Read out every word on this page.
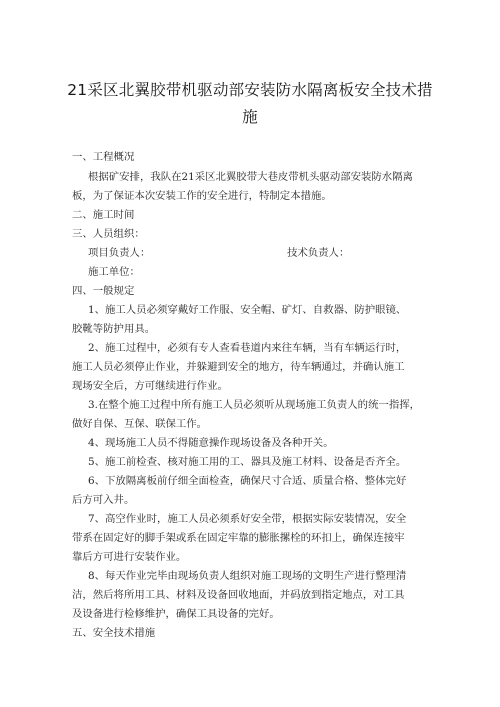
21采区北翼胶带机驱动部安装防水隔离板安全技术措
施
一、工程概况
根据矿安排，我队在21采区北翼胶带大巷皮带机头驱动部安装防水隔离
板，为了保证本次安装工作的安全进行，特制定本措施。
二、施工时间
三、人员组织：
项目负责人：	技术负责人：
施工单位：
四、一般规定
1、施工人员必须穿戴好工作服、安全帽、矿灯、自救器、防护眼镜、
胶靴等防护用具。
2、施工过程中，必须有专人查看巷道内来往车辆，当有车辆运行时，
施工人员必须停止作业，并躲避到安全的地方，待车辆通过，并确认施工
现场安全后，方可继续进行作业。
3.在整个施工过程中所有施工人员必须听从现场施工负责人的统一指挥，
做好自保、互保、联保工作。
4、现场施工人员不得随意操作现场设备及各种开关。
5、施工前检查、核对施工用的工、器具及施工材料、设备是否齐全。
6、下放隔离板前仔细全面检查，确保尺寸合适、质量合格、整体完好
后方可入井。
7、高空作业时，施工人员必须系好安全带，根据实际安装情况，安全
带系在固定好的脚手架或系在固定牢靠的膨胀摞栓的环扣上，确保连接牢
靠后方可进行安装作业。
8、每天作业完毕由现场负责人组织对施工现场的文明生产进行整理清
洁，然后将所用工具、材料及设备回收地面，并码放到指定地点，对工具
及设备进行检修维护，确保工具设备的完好。
五、安全技术措施
